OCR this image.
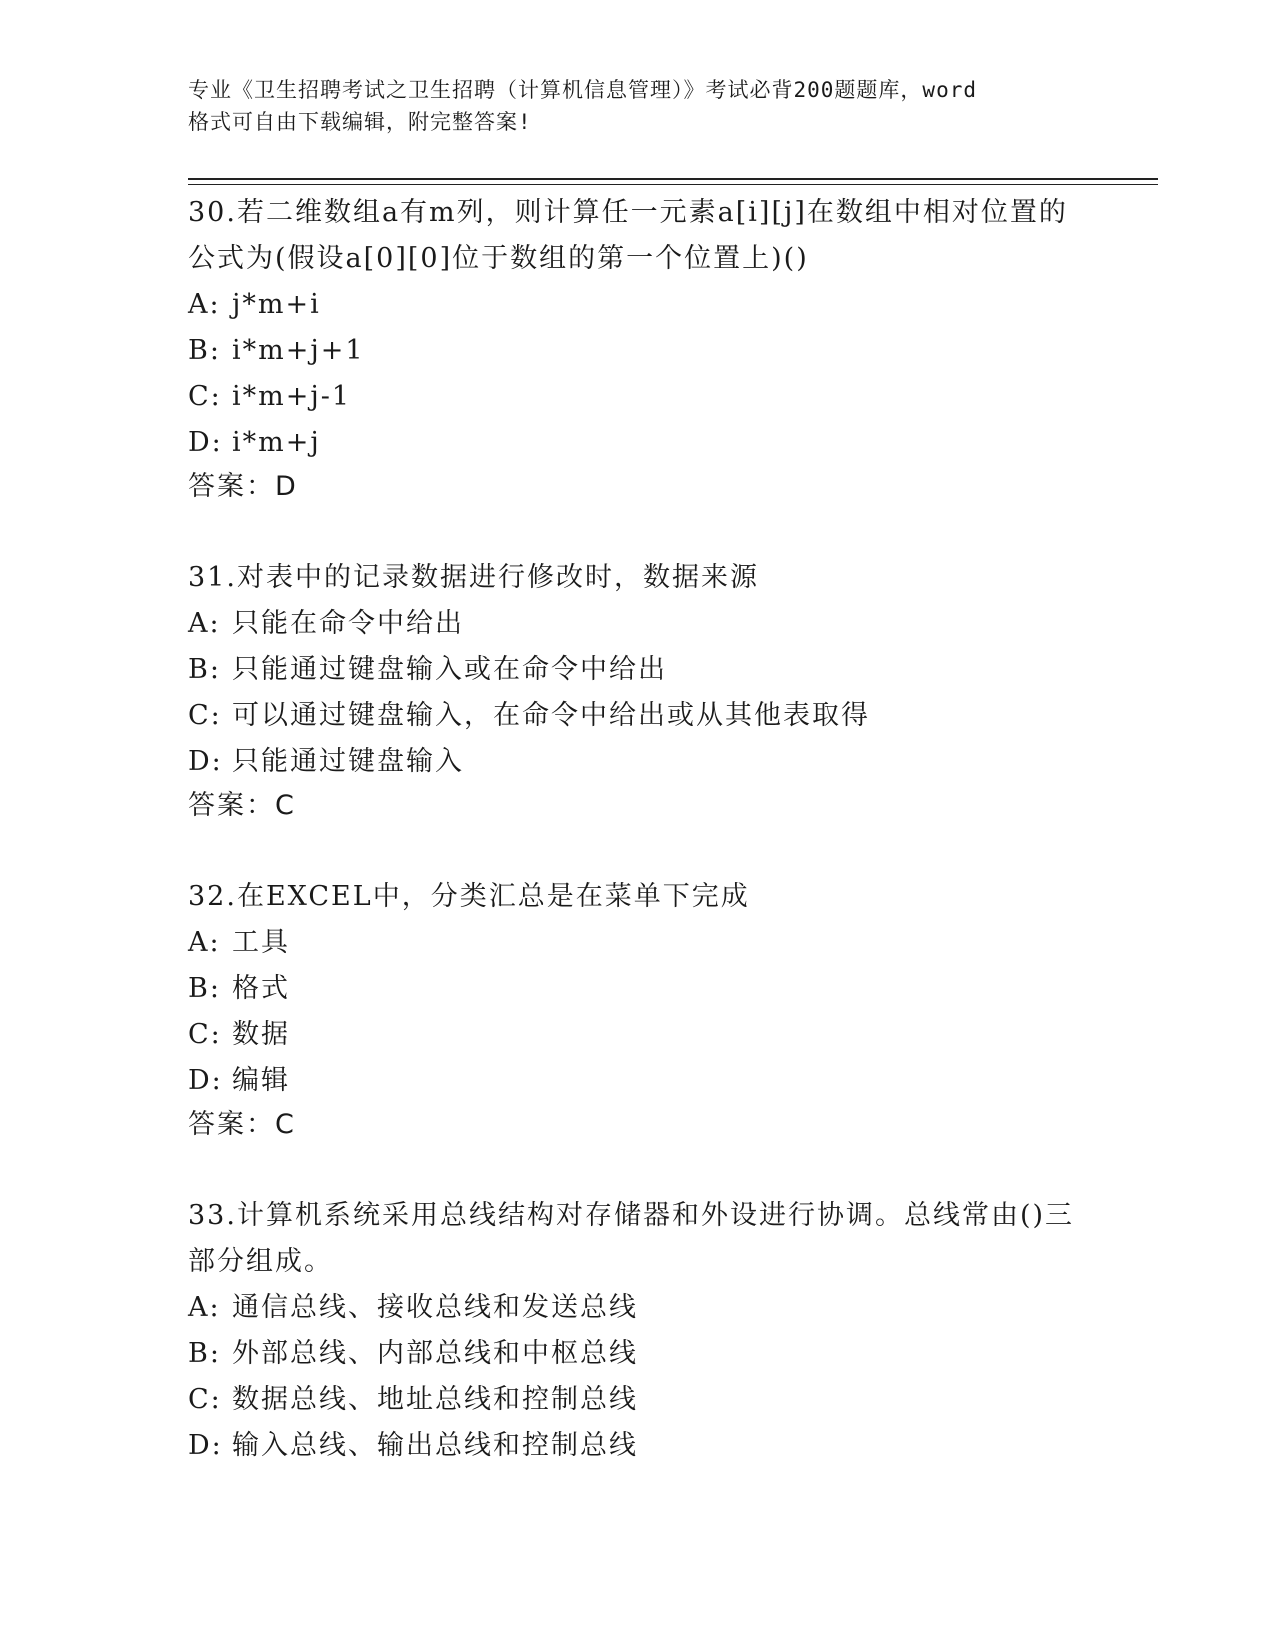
专业《卫生招聘考试之卫生招聘（计算机信息管理）》考试必背200题题库，word
格式可自由下载编辑，附完整答案!

30.若二维数组a有m列，则计算任一元素a[i][j]在数组中相对位置的公式为(假设a[0][0]位于数组的第一个位置上)()

A: j*m+i

B: i*m+j+1

C: i*m+j-1

D: i*m+j

答案：D

31.对表中的记录数据进行修改时，数据来源

A: 只能在命令中给出

B: 只能通过键盘输入或在命令中给出

C: 可以通过键盘输入，在命令中给出或从其他表取得

D: 只能通过键盘输入

答案：C

32.在EXCEL中，分类汇总是在菜单下完成

A: 工具

B: 格式

C: 数据

D: 编辑

答案：C

33.计算机系统采用总线结构对存储器和外设进行协调。总线常由()三部分组成。

A: 通信总线、接收总线和发送总线

B: 外部总线、内部总线和中枢总线

C: 数据总线、地址总线和控制总线

D: 输入总线、输出总线和控制总线
